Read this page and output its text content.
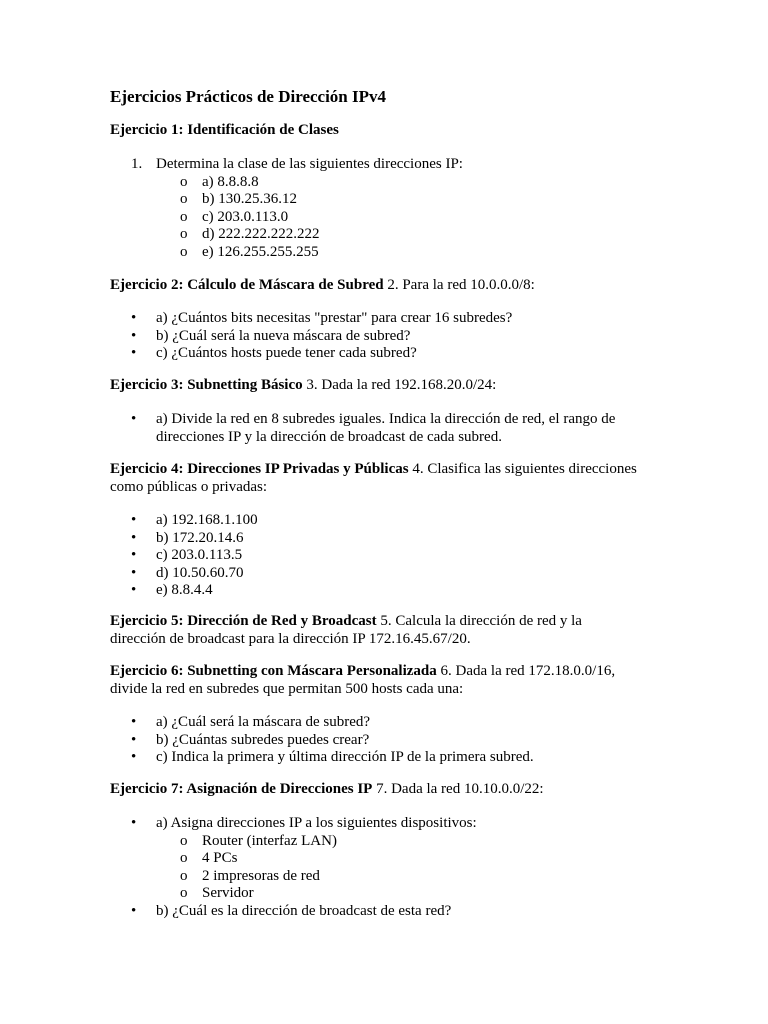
Ejercicios Prácticos de Dirección IPv4

Ejercicio 1: Identificación de Clases

1. Determina la clase de las siguientes direcciones IP:
o a) 8.8.8.8
o b) 130.25.36.12
o c) 203.0.113.0
o d) 222.222.222.222
o e) 126.255.255.255

Ejercicio 2: Cálculo de Máscara de Subred 2. Para la red 10.0.0.0/8:

• a) ¿Cuántos bits necesitas "prestar" para crear 16 subredes?
• b) ¿Cuál será la nueva máscara de subred?
• c) ¿Cuántos hosts puede tener cada subred?

Ejercicio 3: Subnetting Básico 3. Dada la red 192.168.20.0/24:

• a) Divide la red en 8 subredes iguales. Indica la dirección de red, el rango de direcciones IP y la dirección de broadcast de cada subred.

Ejercicio 4: Direcciones IP Privadas y Públicas 4. Clasifica las siguientes direcciones como públicas o privadas:

• a) 192.168.1.100
• b) 172.20.14.6
• c) 203.0.113.5
• d) 10.50.60.70
• e) 8.8.4.4

Ejercicio 5: Dirección de Red y Broadcast 5. Calcula la dirección de red y la dirección de broadcast para la dirección IP 172.16.45.67/20.

Ejercicio 6: Subnetting con Máscara Personalizada 6. Dada la red 172.18.0.0/16, divide la red en subredes que permitan 500 hosts cada una:

• a) ¿Cuál será la máscara de subred?
• b) ¿Cuántas subredes puedes crear?
• c) Indica la primera y última dirección IP de la primera subred.

Ejercicio 7: Asignación de Direcciones IP 7. Dada la red 10.10.0.0/22:

• a) Asigna direcciones IP a los siguientes dispositivos:
o Router (interfaz LAN)
o 4 PCs
o 2 impresoras de red
o Servidor
• b) ¿Cuál es la dirección de broadcast de esta red?
